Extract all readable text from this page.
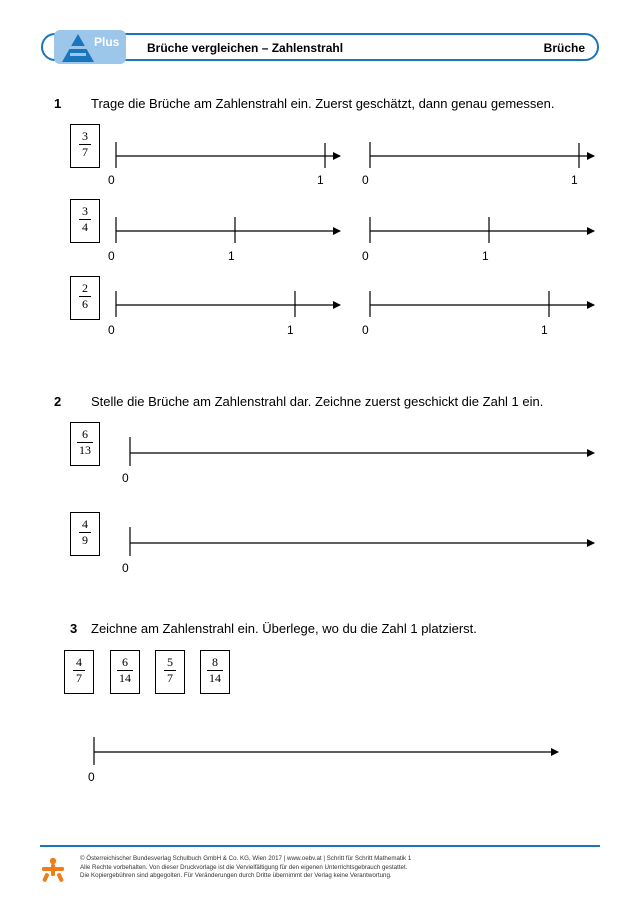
Brüche vergleichen – Zahlenstrahl	Brüche
Plus
1 Trage die Brüche am Zahlenstrahl ein. Zuerst geschätzt, dann genau gemessen.
3
7
3
4
2
6
0	1	0	1
0	1	0	1
0	1	0	1
2 Stelle die Brüche am Zahlenstrahl dar. Zeichne zuerst geschickt die Zahl 1 ein.
6
13
4
9
0
0
3 Zeichne am Zahlenstrahl ein. Überlege, wo du die Zahl 1 platzierst.
4
7
6
14
5
7
8
14
0
© Österreichischer Bundesverlag Schulbuch GmbH & Co. KG, Wien 2017 | www.oebv.at | Schritt für Schritt Mathematik 1
Alle Rechte vorbehalten. Von dieser Druckvorlage ist die Vervielfältigung für den eigenen Unterrichtsgebrauch gestattet.
Die Kopiergebühren sind abgegolten. Für Veränderungen durch Dritte übernimmt der Verlag keine Verantwortung.
